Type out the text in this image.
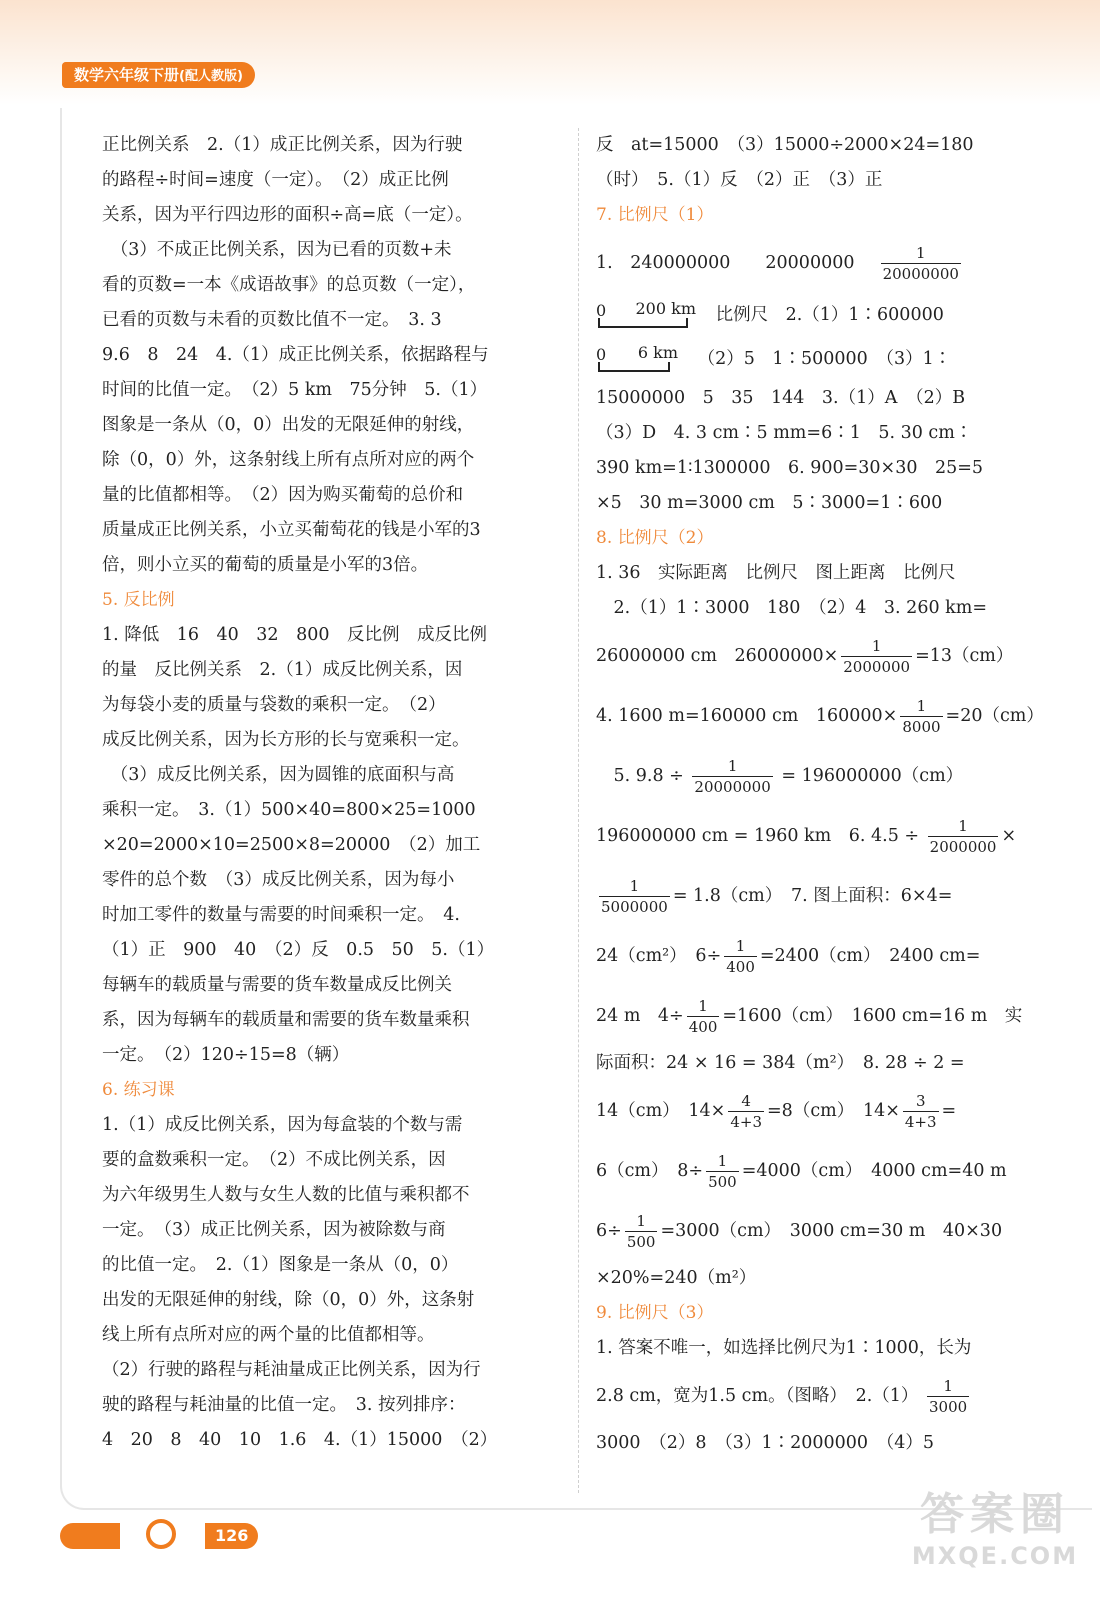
数学六年级下册(配人教版)
正比例关系　2.（1）成正比例关系，因为行驶
的路程÷时间=速度（一定）。　（2）成正比例
关系，因为平行四边形的面积÷高=底（一定）。
　（3）不成正比例关系，因为已看的页数+未
看的页数=一本《成语故事》的总页数（一定），
已看的页数与未看的页数比值不一定。　3. 3
9.6　8　24　4.（1）成正比例关系，依据路程与
时间的比值一定。　（2）5 km　75分钟　5.（1）
图象是一条从（0，0）出发的无限延伸的射线，
除（0，0）外，这条射线上所有点所对应的两个
量的比值都相等。　（2）因为购买葡萄的总价和
质量成正比例关系，小立买葡萄花的钱是小军的3
倍，则小立买的葡萄的质量是小军的3倍。
5. 反比例
1. 降低　16　40　32　800　反比例　成反比例
的量　反比例关系　2.（1）成反比例关系，因
为每袋小麦的质量与袋数的乘积一定。　（2）
成反比例关系，因为长方形的长与宽乘积一定。
　（3）成反比例关系，因为圆锥的底面积与高
乘积一定。　3.（1）500×40=800×25=1000
×20=2000×10=2500×8=20000　（2）加工
零件的总个数　（3）成反比例关系，因为每小
时加工零件的数量与需要的时间乘积一定。　4.
（1）正　900　40　（2）反　0.5　50　5.（1）
每辆车的载质量与需要的货车数量成反比例关
系，因为每辆车的载质量和需要的货车数量乘积
一定。　（2）120÷15=8（辆）
6. 练习课
1.（1）成反比例关系，因为每盒装的个数与需
要的盒数乘积一定。　（2）不成比例关系，因
为六年级男生人数与女生人数的比值与乘积都不
一定。　（3）成正比例关系，因为被除数与商
的比值一定。　2.（1）图象是一条从（0，0）
出发的无限延伸的射线，除（0，0）外，这条射
线上所有点所对应的两个量的比值都相等。
（2）行驶的路程与耗油量成正比例关系，因为行
驶的路程与耗油量的比值一定。　3. 按列排序：
4　20　8　40　10　1.6　4.（1）15000　（2）
反　at=15000　（3）15000÷2000×24=180
（时）　5.（1）反　（2）正　（3）正
7. 比例尺（1）
1.　240000000　　20000000　 $\frac{1}{20000000}$
0 200 km 比例尺　2.（1）1∶600000
0 6 km （2）5　1∶500000　（3）1∶
15000000　5　35　144　3.（1）A　（2）B
（3）D　4. 3 cm∶5 mm=6∶1　5. 30 cm∶
390 km=1∶1300000　6. 900=30×30　25=5
×5　30 m=3000 cm　5∶3000=1∶600
8. 比例尺（2）
1. 36　实际距离　比例尺　图上距离　比例尺
　2.（1）1∶3000　180　（2）4　3. 260 km=
26000000 cm　$26000000\times \frac{1}{2000000} =13(cm)$
4. 1600 m=160000 cm　$160000\times \frac{1}{8000} =20(cm)$
　5. $9.8 \div \frac{1}{20000000} = 196000000(cm)$
196000000 cm = 1960 km　6. $4.5 \div \frac{1}{2000000}$ ×
$\frac{1}{5000000} = 1.8(cm)$　7. 图上面积：6×4=
24（cm²）　$6\div \frac{1}{400} =2400(cm)$　2400 cm=
24 m　$4\div \frac{1}{400} =1600(cm)$　1600 cm=16 m　实
际面积：24 × 16 = 384（m²）　8. 28 ÷ 2 =
14（cm）　$14\times \frac{4}{4+3} =8(cm)$　$14\times \frac{3}{4+3}$ =
6（cm）　$8\div \frac{1}{500} =4000(cm)$　4000 cm=40 m
$6\div \frac{1}{500} =3000(cm)$　3000 cm=30 m　40×30
×20%=240（m²）
9. 比例尺（3）
1. 答案不唯一，如选择比例尺为1∶1000，长为
2.8 cm，宽为1.5 cm。（图略）　$2.(1) \frac{1}{3000}$
3000　（2）8　（3）1∶2000000　（4）5
126	答案圈
MXQE.COM
